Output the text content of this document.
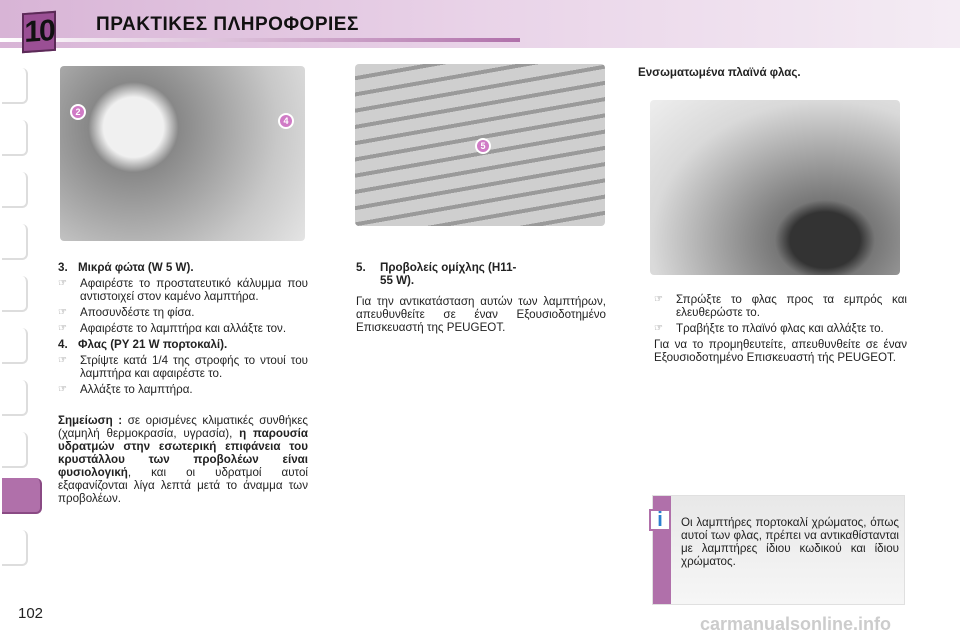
10 ΠΡΑΚΤΙΚΕΣ ΠΛΗΡΟΦΟΡΙΕΣ
2
4
5
3. Μικρά φώτα (W 5 W).
☞ Αφαιρέστε το προστατευτικό κάλυμμα που αντιστοιχεί στον καμένο λαμπτήρα.
☞ Αποσυνδέστε τη φίσα.
☞ Αφαιρέστε το λαμπτήρα και αλλάξτε τον.
4. Φλας (PY 21 W πορτοκαλί).
☞ Στρίψτε κατά 1/4 της στροφής το ντουί του λαμπτήρα και αφαιρέστε το.
☞ Αλλάξτε το λαμπτήρα.

Σημείωση : σε ορισμένες κλιματικές συνθήκες (χαμηλή θερμοκρασία, υγρασία), η παρουσία υδρατμών στην εσωτερική επιφάνεια του κρυστάλλου των προβολέων είναι φυσιολογική, και οι υδρατμοί αυτοί εξαφανίζονται λίγα λεπτά μετά το άναμμα των προβολέων.

5.	Προβολείς ομίχλης (H11-55 W).

Για την αντικατάσταση αυτών των λαμπτήρων, απευθυνθείτε σε έναν Εξουσιοδοτημένο Επισκευαστή της PEUGEOT.

Ενσωματωμένα πλαϊνά φλας.
☞ Σπρώξτε το φλας προς τα εμπρός και ελευθερώστε το.
☞ Τραβήξτε το πλαϊνό φλας και αλλάξτε το.

Για να το προμηθευτείτε, απευθυνθείτε σε έναν Εξουσιοδοτημένο Επισκευαστή τής PEUGEOT.

i	Οι λαμπτήρες πορτοκαλί χρώματος, όπως αυτοί των φλας, πρέπει να αντικαθίστανται με λαμπτήρες ίδιου κωδικού και ίδιου χρώματος.
102
carmanualsonline.info
